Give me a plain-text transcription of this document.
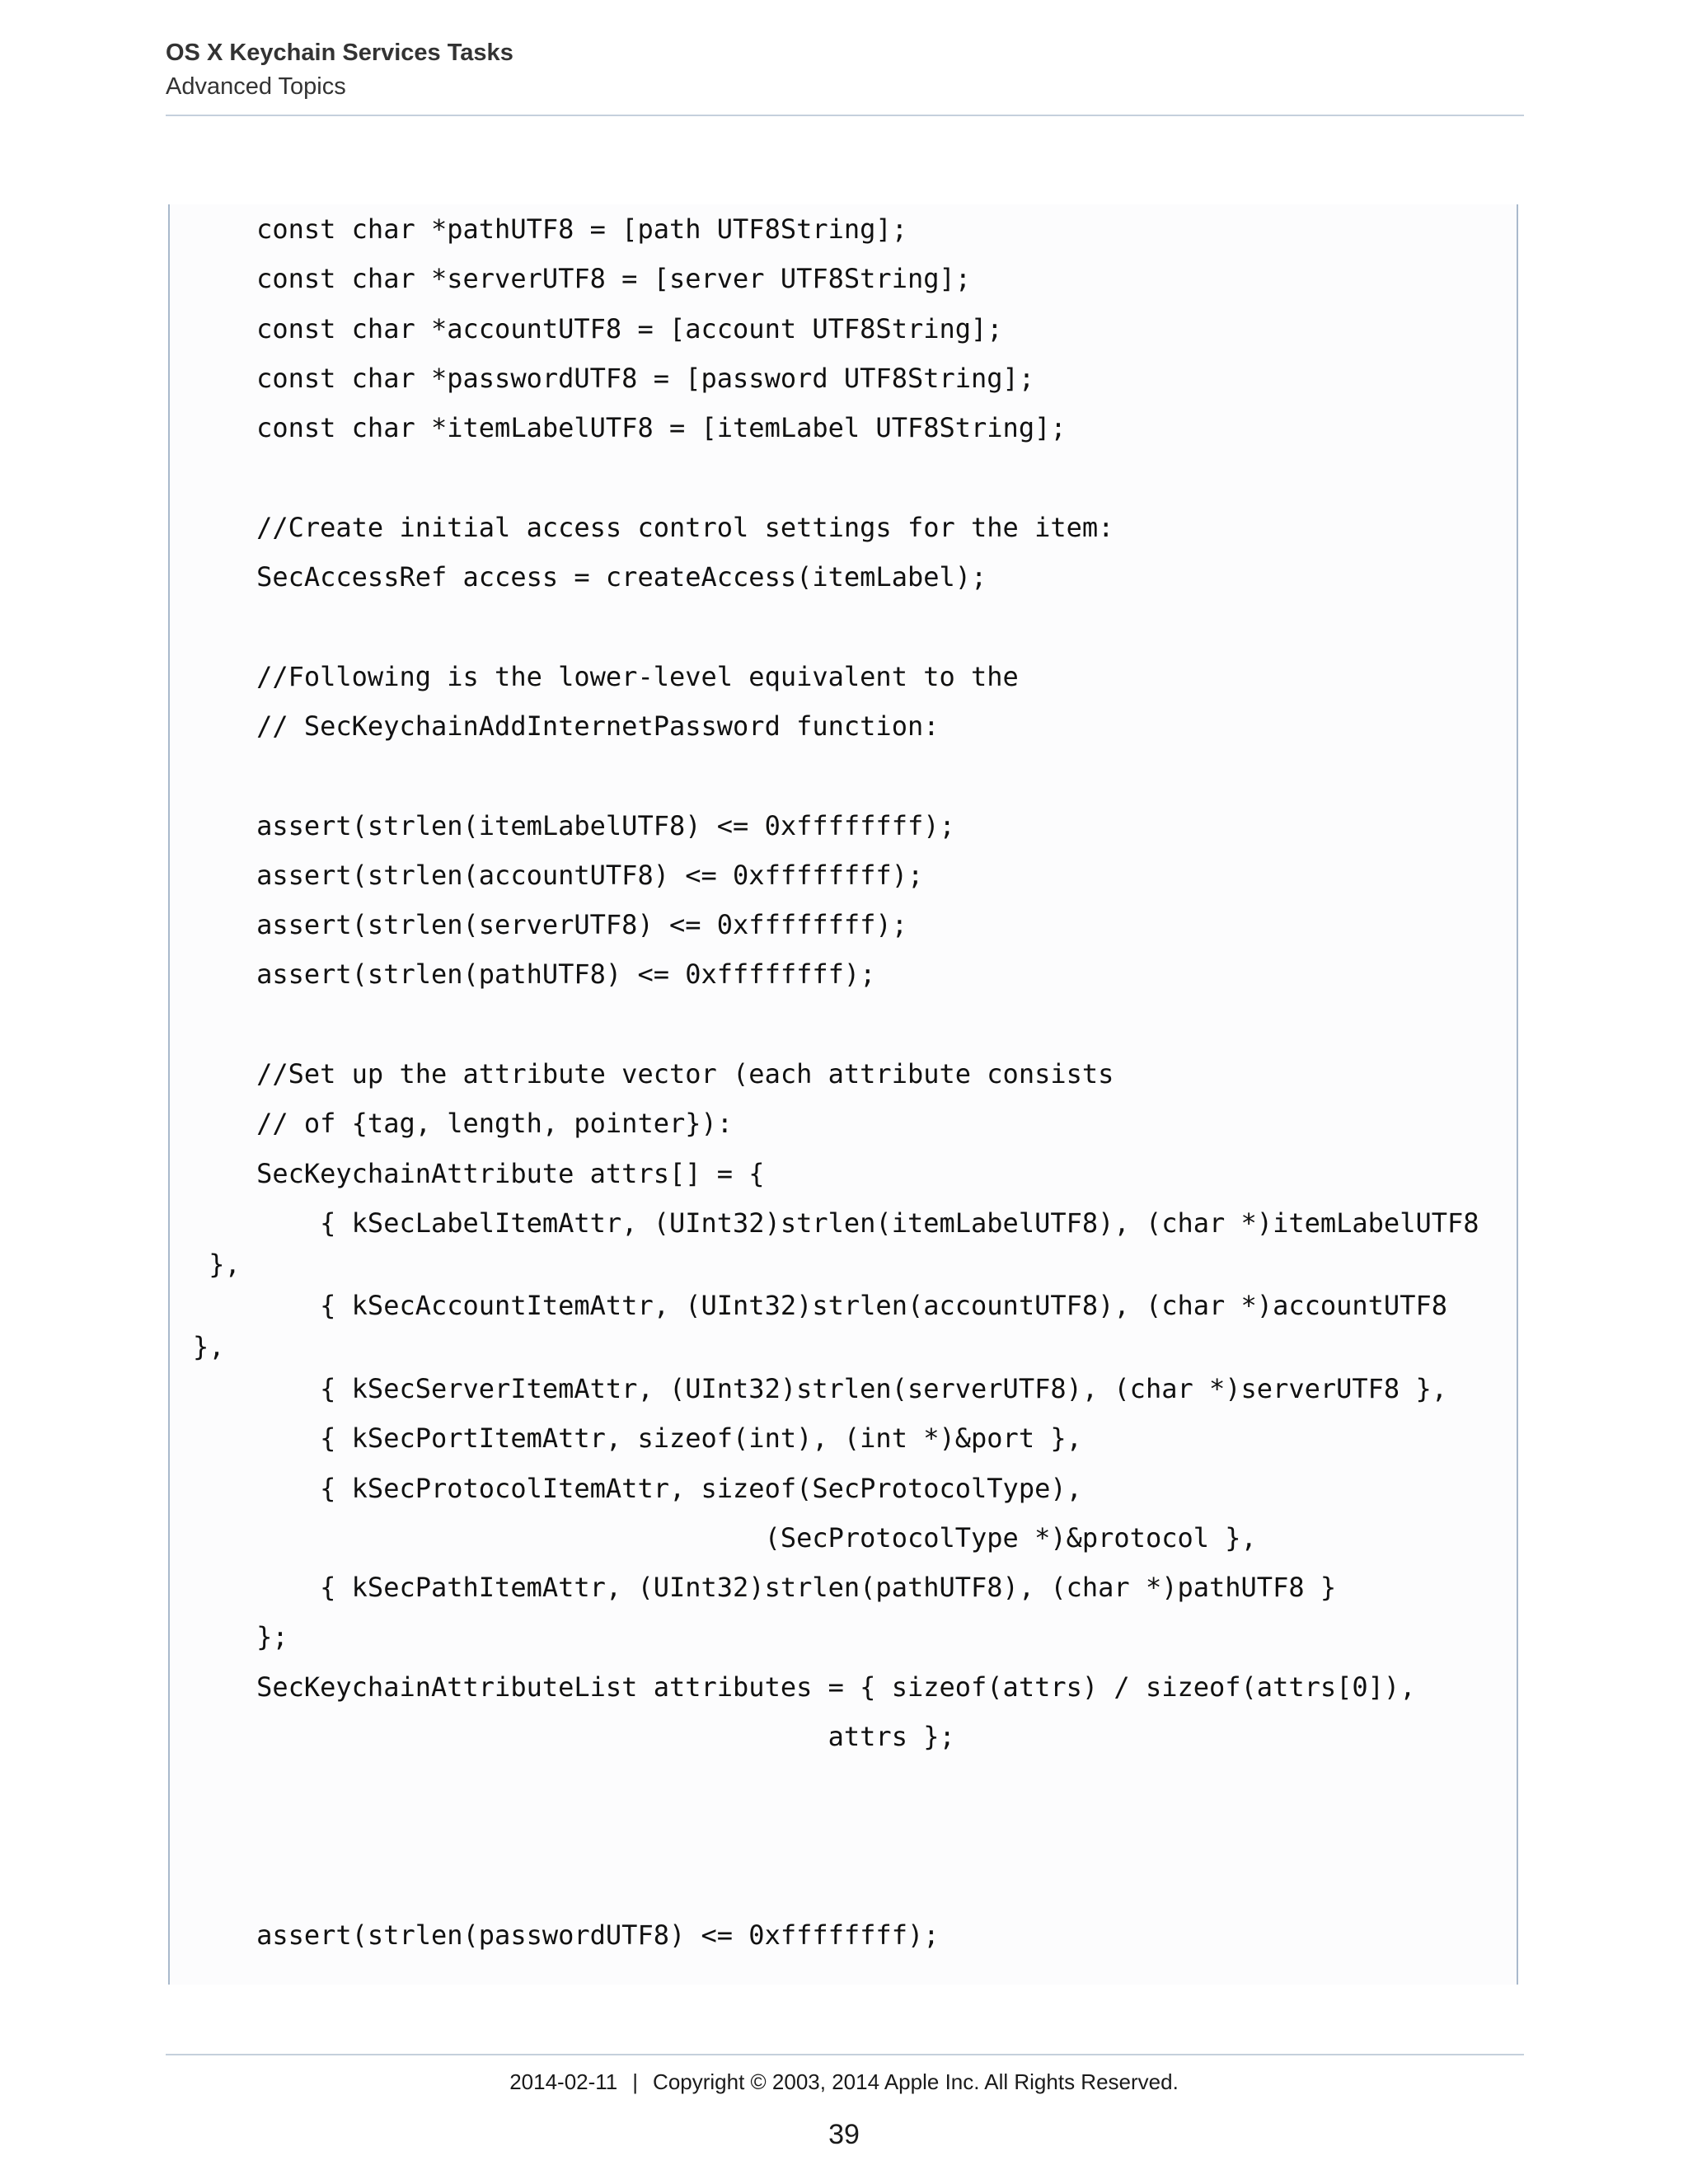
OS X Keychain Services Tasks

Advanced Topics

const char *pathUTF8 = [path UTF8String];
const char *serverUTF8 = [server UTF8String];
const char *accountUTF8 = [account UTF8String];
const char *passwordUTF8 = [password UTF8String];
const char *itemLabelUTF8 = [itemLabel UTF8String];
//Create initial access control settings for the item:
SecAccessRef access = createAccess(itemLabel);
//Following is the lower-level equivalent to the
// SecKeychainAddInternetPassword function:
assert(strlen(itemLabelUTF8) <= 0xffffffff);
assert(strlen(accountUTF8) <= 0xffffffff);
assert(strlen(serverUTF8) <= 0xffffffff);
assert(strlen(pathUTF8) <= 0xffffffff);
//Set up the attribute vector (each attribute consists
// of {tag, length, pointer}):
SecKeychainAttribute attrs[] = {
{ kSecLabelItemAttr, (UInt32)strlen(itemLabelUTF8), (char *)itemLabelUTF8
},
{ kSecAccountItemAttr, (UInt32)strlen(accountUTF8), (char *)accountUTF8
},
{ kSecServerItemAttr, (UInt32)strlen(serverUTF8), (char *)serverUTF8 },
{ kSecPortItemAttr, sizeof(int), (int *)&port },
{ kSecProtocolItemAttr, sizeof(SecProtocolType),
(SecProtocolType *)&protocol },
{ kSecPathItemAttr, (UInt32)strlen(pathUTF8), (char *)pathUTF8 }
};
SecKeychainAttributeList attributes = { sizeof(attrs) / sizeof(attrs[0]),
attrs };
assert(strlen(passwordUTF8) <= 0xffffffff);
2014-02-11 | Copyright © 2003, 2014 Apple Inc. All Rights Reserved.
39
